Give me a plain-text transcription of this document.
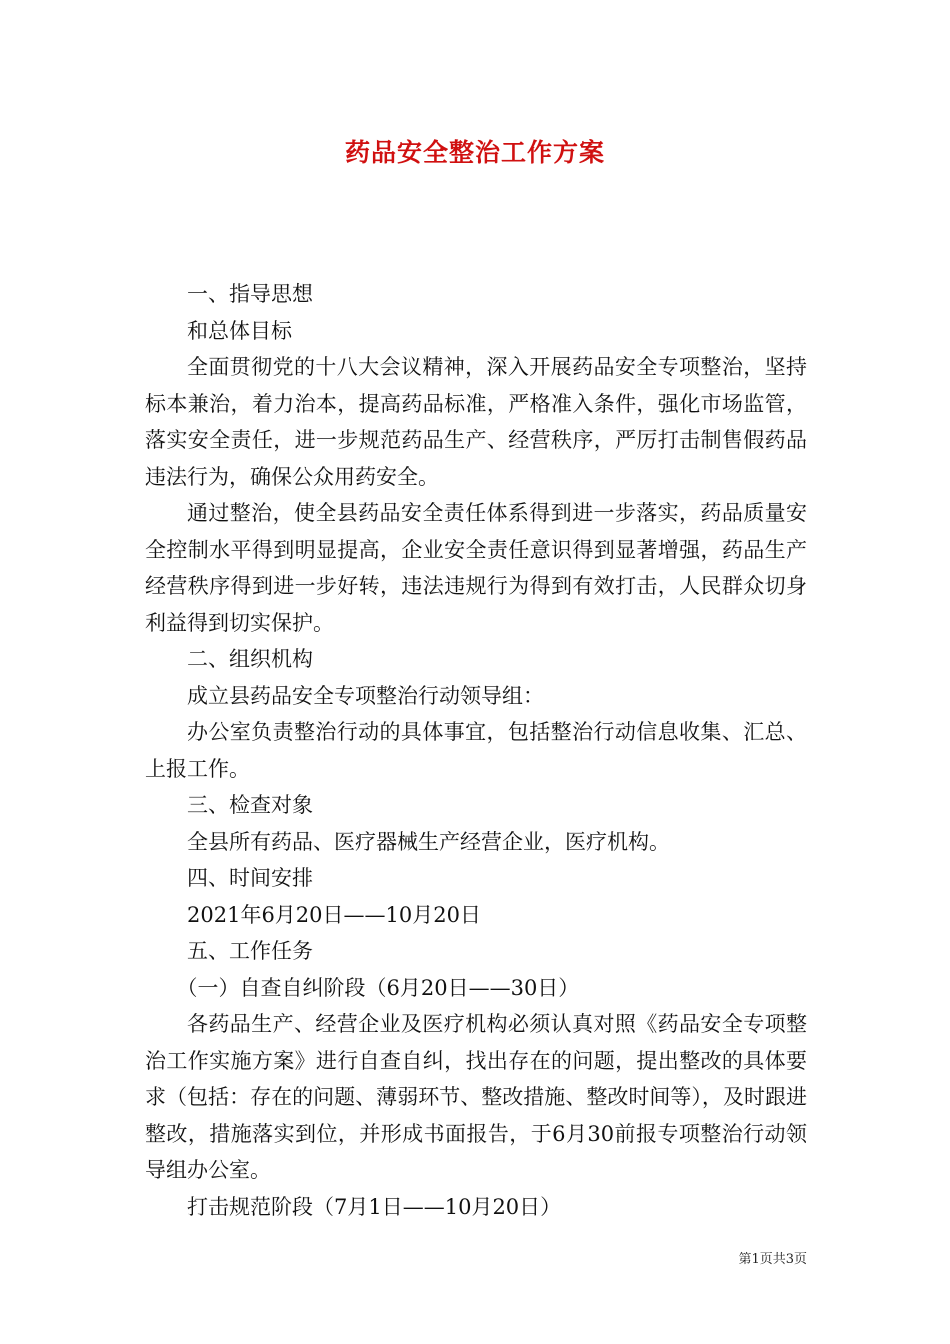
药品安全整治工作方案

一、指导思想

和总体目标

全面贯彻党的十八大会议精神，深入开展药品安全专项整治，坚持标本兼治，着力治本，提高药品标准，严格准入条件，强化市场监管，落实安全责任，进一步规范药品生产、经营秩序，严厉打击制售假药品违法行为，确保公众用药安全。

通过整治，使全县药品安全责任体系得到进一步落实，药品质量安全控制水平得到明显提高，企业安全责任意识得到显著增强，药品生产经营秩序得到进一步好转，违法违规行为得到有效打击，人民群众切身利益得到切实保护。

二、组织机构

成立县药品安全专项整治行动领导组：

办公室负责整治行动的具体事宜，包括整治行动信息收集、汇总、上报工作。

三、检查对象

全县所有药品、医疗器械生产经营企业，医疗机构。

四、时间安排

2021年6月20日——10月20日

五、工作任务

（一）自查自纠阶段（6月20日——30日）

各药品生产、经营企业及医疗机构必须认真对照《药品安全专项整治工作实施方案》进行自查自纠，找出存在的问题，提出整改的具体要求（包括：存在的问题、薄弱环节、整改措施、整改时间等），及时跟进整改，措施落实到位，并形成书面报告，于6月30前报专项整治行动领导组办公室。

打击规范阶段（7月1日——10月20日）

第1页共3页
